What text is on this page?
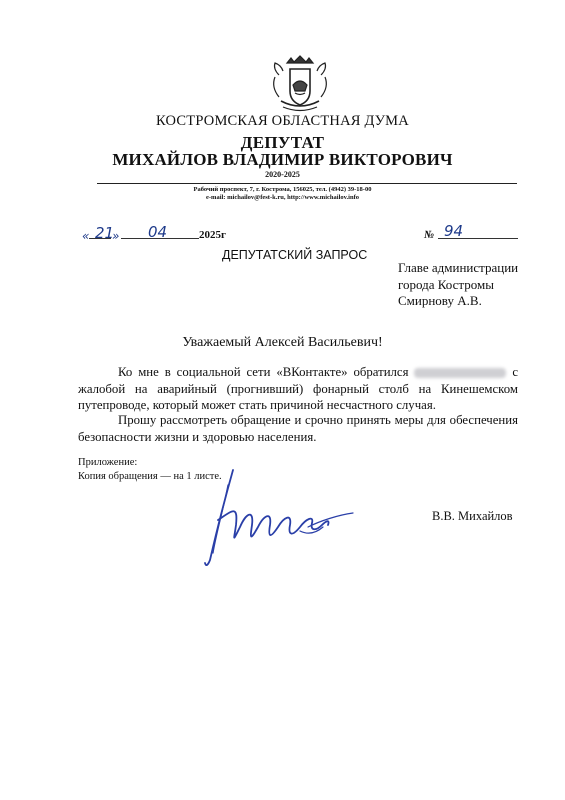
КОСТРОМСКАЯ ОБЛАСТНАЯ ДУМА
ДЕПУТАТ
МИХАЙЛОВ ВЛАДИМИР ВИКТОРОВИЧ
2020-2025
Рабочий проспект, 7, г. Кострома, 156025, тел. (4942) 39-18-00
e-mail: michailov@fest-k.ru, http://www.michailov.info
« 21
» 04	2025г	№ 94
ДЕПУТАТСКИЙ ЗАПРОС
Главе администрации
города Костромы
Смирнову А.В.
Уважаемый Алексей Васильевич!

Ко мне в социальной сети «ВКонтакте» обратился	с жалобой на аварийный (прогнивший) фонарный столб на Кинешемском путепроводе, который может стать причиной несчастного случая.

Прошу рассмотреть обращение и срочно принять меры для обеспечения безопасности жизни и здоровью населения.

Приложение:
Копия обращения — на 1 листе.
В.В. Михайлов
